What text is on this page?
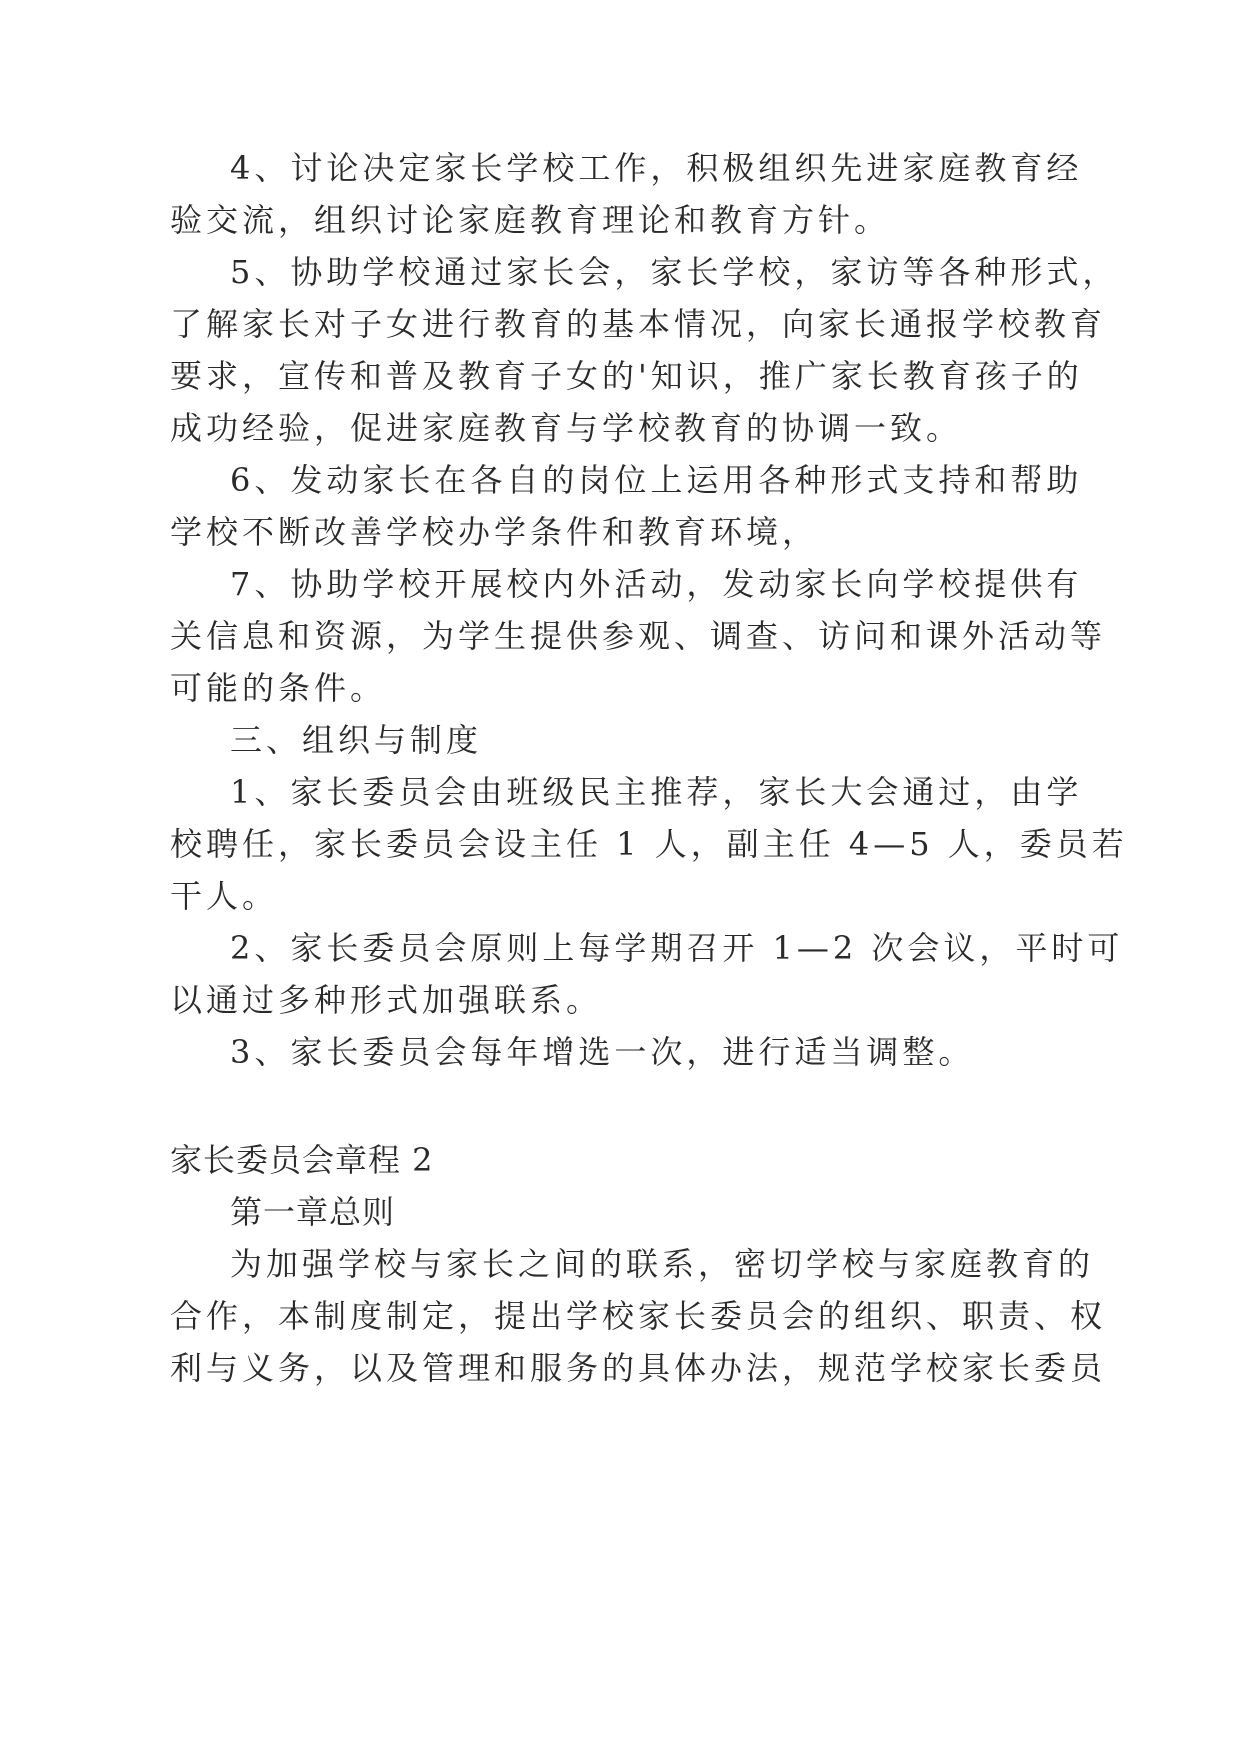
4、讨论决定家长学校工作，积极组织先进家庭教育经
验交流，组织讨论家庭教育理论和教育方针。
5、协助学校通过家长会，家长学校，家访等各种形式，
了解家长对子女进行教育的基本情况，向家长通报学校教育
要求，宣传和普及教育子女的'知识，推广家长教育孩子的
成功经验，促进家庭教育与学校教育的协调一致。
6、发动家长在各自的岗位上运用各种形式支持和帮助
学校不断改善学校办学条件和教育环境，
7、协助学校开展校内外活动，发动家长向学校提供有
关信息和资源，为学生提供参观、调查、访问和课外活动等
可能的条件。
三、组织与制度
1、家长委员会由班级民主推荐，家长大会通过，由学
校聘任，家长委员会设主任 1 人，副主任 4—5 人，委员若
干人。
2、家长委员会原则上每学期召开 1—2 次会议，平时可
以通过多种形式加强联系。
3、家长委员会每年增选一次，进行适当调整。
家长委员会章程 2
第一章总则
为加强学校与家长之间的联系，密切学校与家庭教育的
合作，本制度制定，提出学校家长委员会的组织、职责、权
利与义务，以及管理和服务的具体办法，规范学校家长委员
